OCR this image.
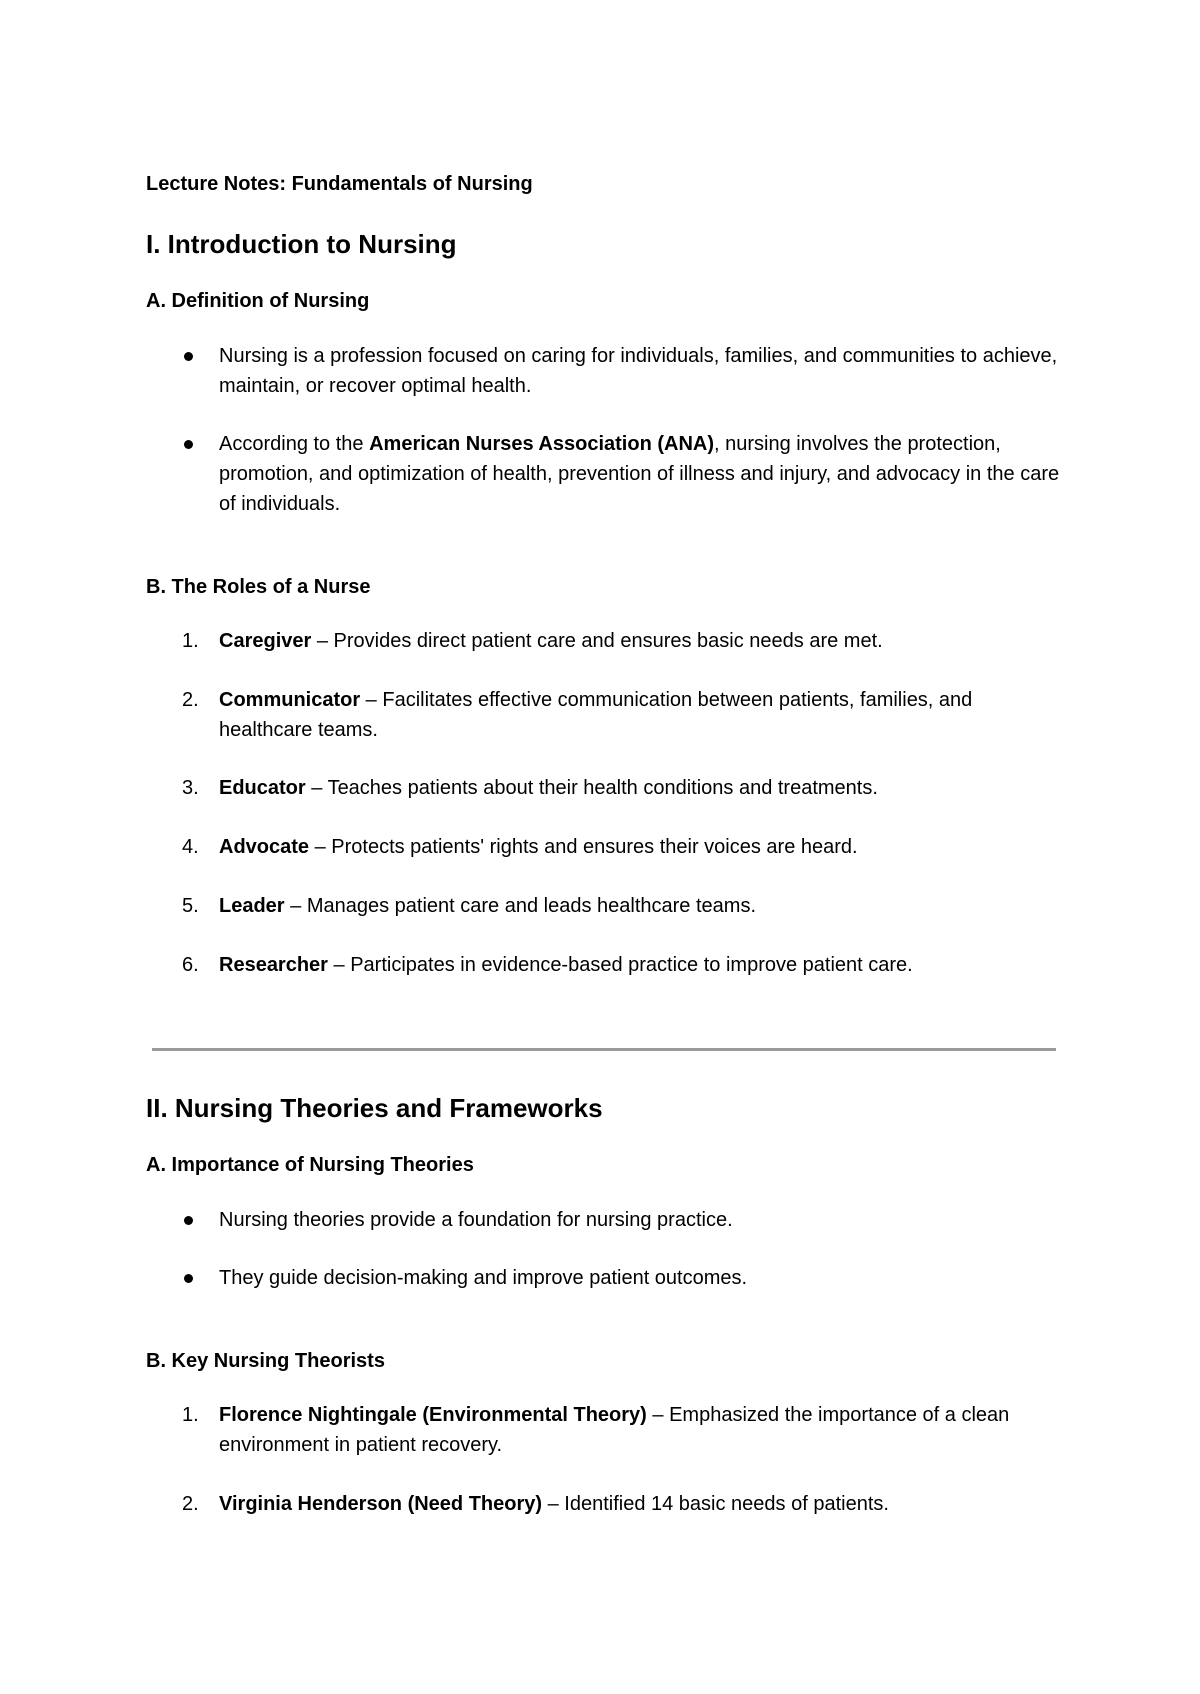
Lecture Notes: Fundamentals of Nursing
I. Introduction to Nursing
A. Definition of Nursing
Nursing is a profession focused on caring for individuals, families, and communities to achieve, maintain, or recover optimal health.
According to the American Nurses Association (ANA), nursing involves the protection, promotion, and optimization of health, prevention of illness and injury, and advocacy in the care of individuals.
B. The Roles of a Nurse
1. Caregiver – Provides direct patient care and ensures basic needs are met.
2. Communicator – Facilitates effective communication between patients, families, and healthcare teams.
3. Educator – Teaches patients about their health conditions and treatments.
4. Advocate – Protects patients' rights and ensures their voices are heard.
5. Leader – Manages patient care and leads healthcare teams.
6. Researcher – Participates in evidence-based practice to improve patient care.
II. Nursing Theories and Frameworks
A. Importance of Nursing Theories
Nursing theories provide a foundation for nursing practice.
They guide decision-making and improve patient outcomes.
B. Key Nursing Theorists
1. Florence Nightingale (Environmental Theory) – Emphasized the importance of a clean environment in patient recovery.
2. Virginia Henderson (Need Theory) – Identified 14 basic needs of patients.
